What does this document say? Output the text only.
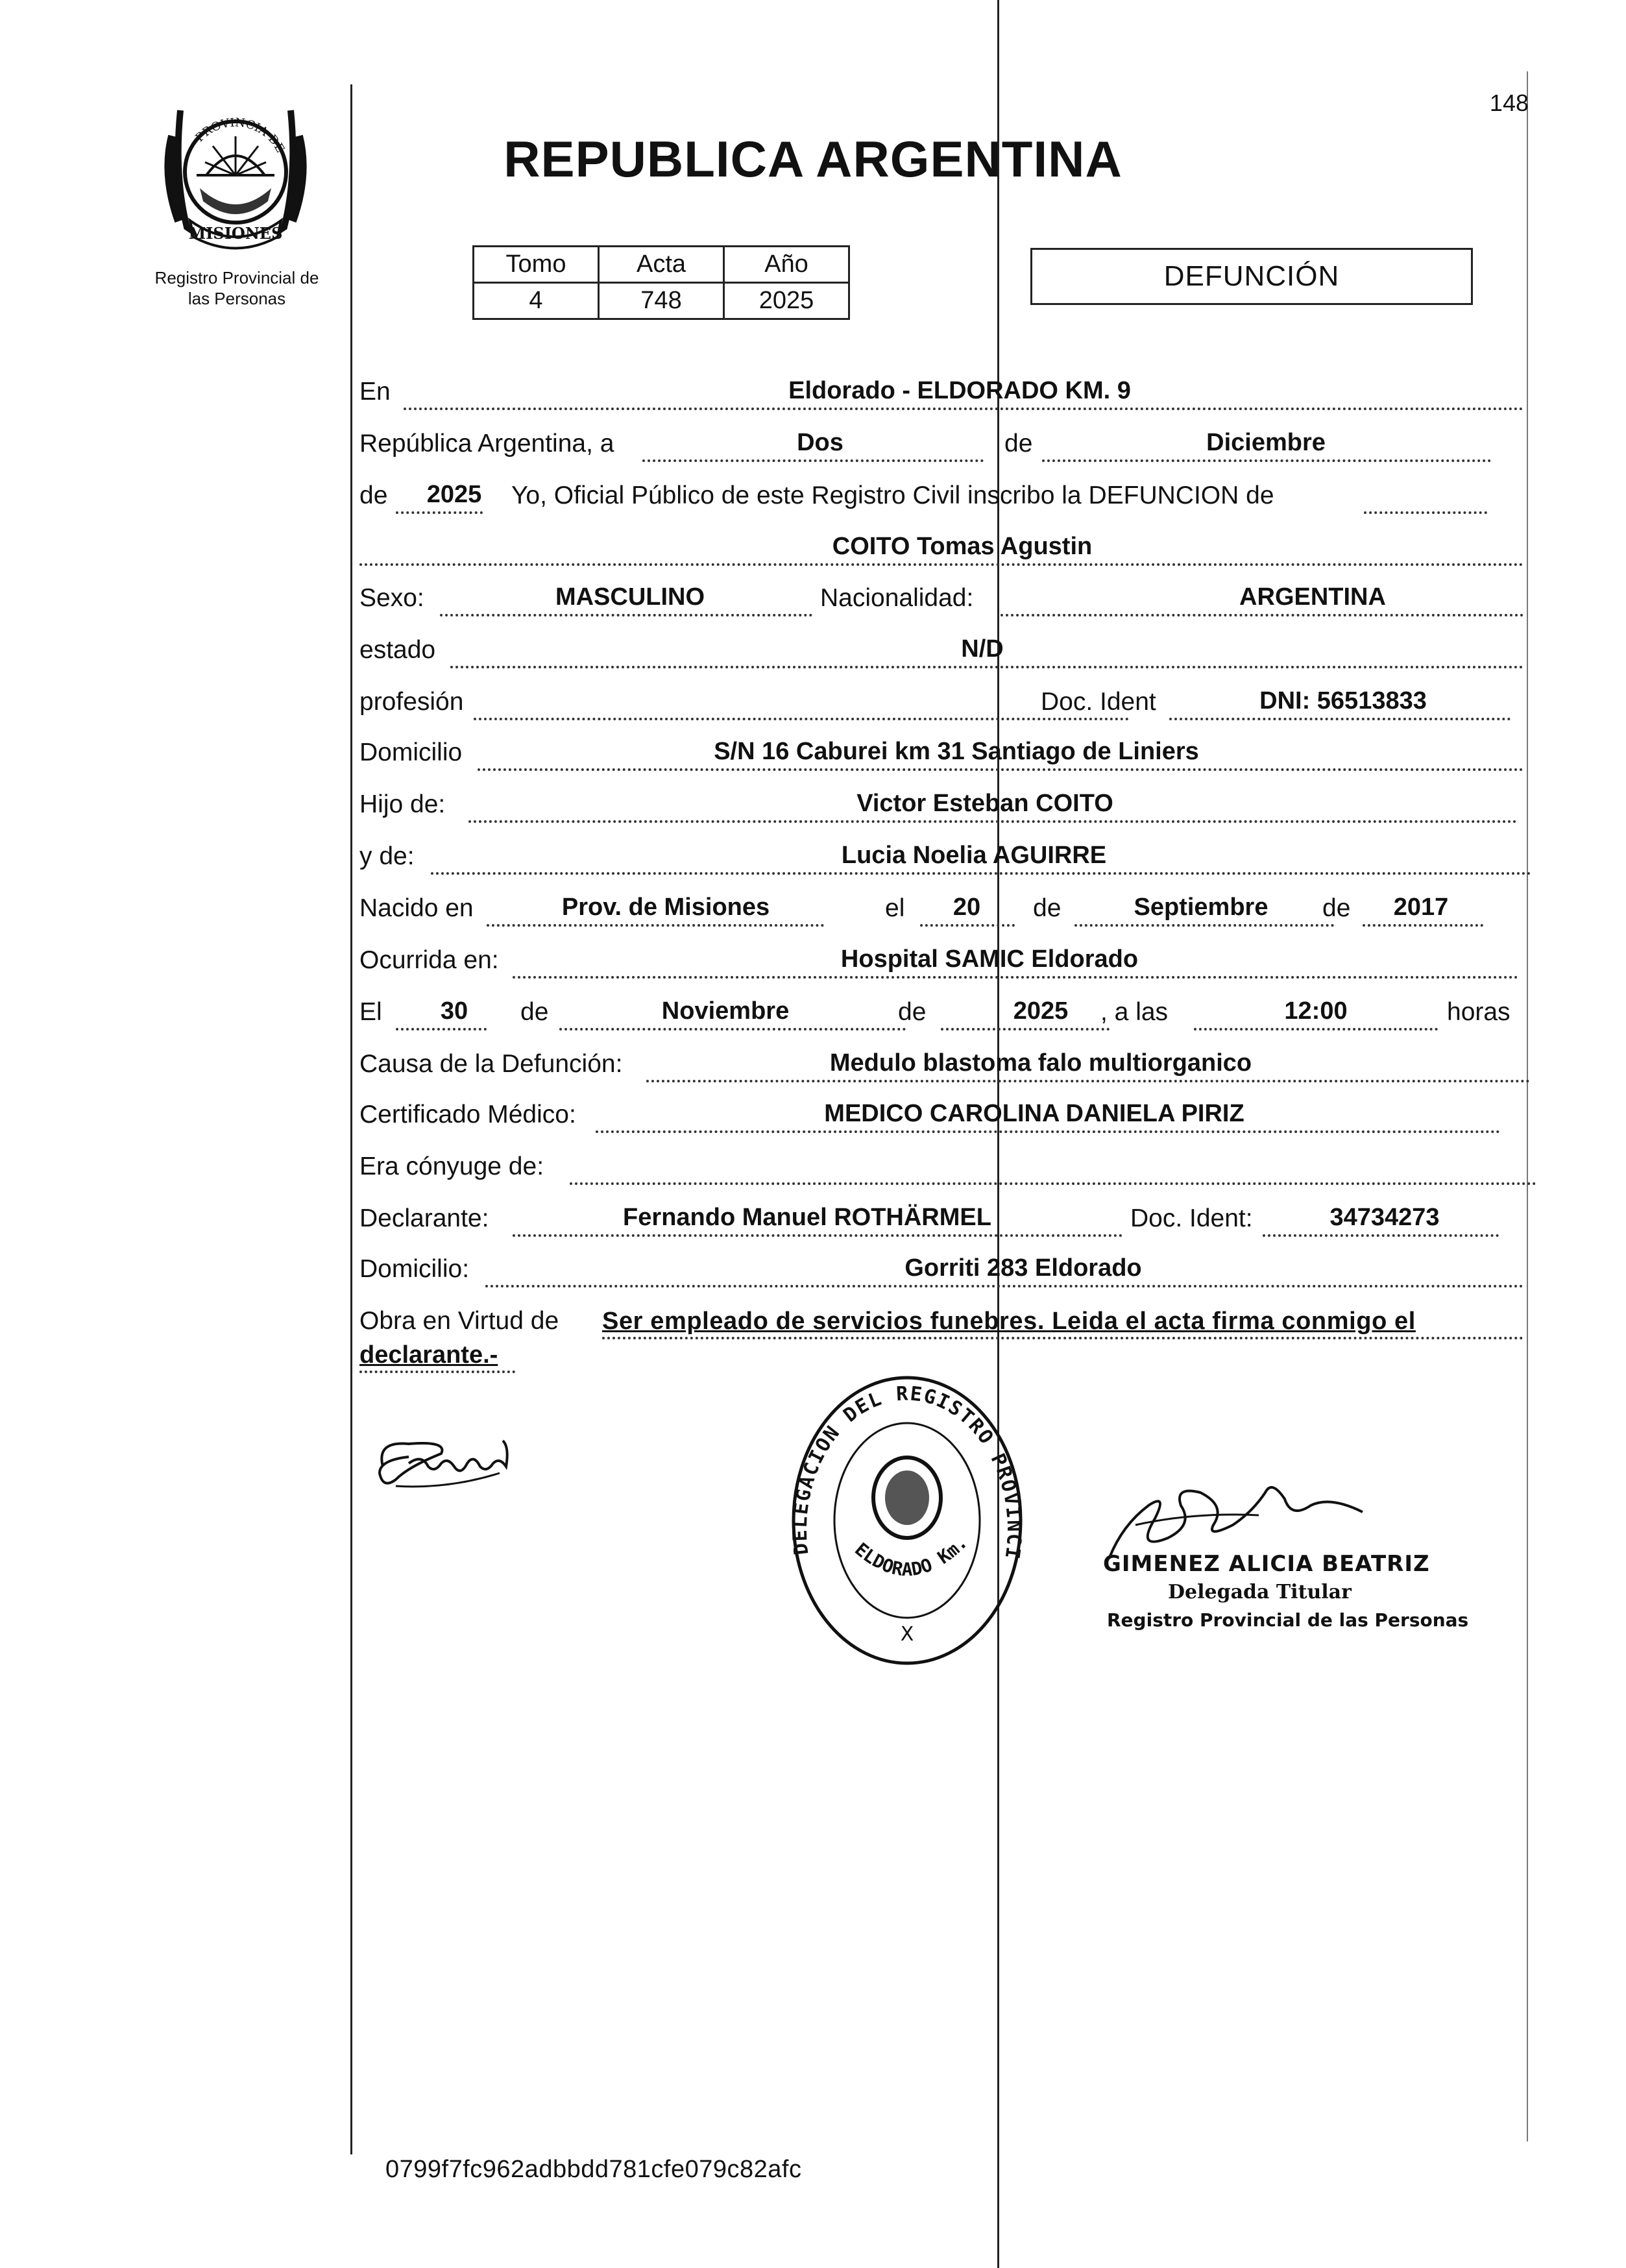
MISIONES
PROVINCIA DE
Registro Provincial de
las Personas
148
REPUBLICA ARGENTINA
Tomo	Acta	Año
4	748	2025
DEFUNCIÓN
En	Eldorado - ELDORADO KM. 9
República Argentina, a	Dos	de	Diciembre
de 2025 Yo, Oficial Público de este Registro Civil inscribo la DEFUNCION de
COITO Tomas Agustin
Sexo:	MASCULINO	Nacionalidad:	ARGENTINA
estado	N/D
profesión	Doc. Ident	DNI: 56513833
Domicilio	S/N 16 Caburei km 31 Santiago de Liniers
Hijo de:	Victor Esteban COITO
y de:	Lucia Noelia AGUIRRE
Nacido en	Prov. de Misiones	el 20 de	Septiembre de 2017
Ocurrida en:	Hospital SAMIC Eldorado
El 30 de	Noviembre	de	2025 , a las	12:00	horas
Causa de la Defunción:	Medulo blastoma falo multiorganico
Certificado Médico:	MEDICO CAROLINA DANIELA PIRIZ
Era cónyuge de:
Declarante:	Fernando Manuel ROTHÄRMEL	Doc. Ident:	34734273
Domicilio:	Gorriti 283 Eldorado
Obra en Virtud de Ser empleado de servicios funebres. Leida el acta firma conmigo el
declarante.-
DELEGACION DEL REGISTRO PROVINCI
ELDORADO Km.
X
GIMENEZ ALICIA BEATRIZ
Delegada Titular
Registro Provincial de las Personas
0799f7fc962adbbdd781cfe079c82afc
